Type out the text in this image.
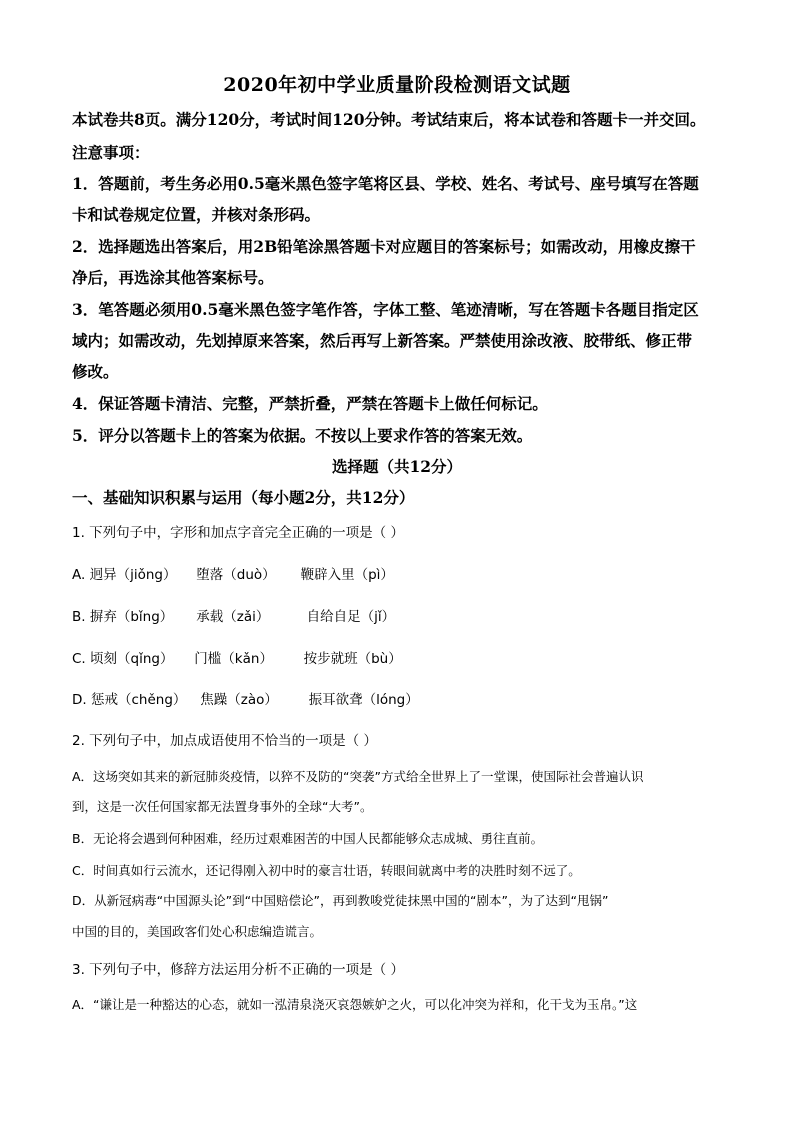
2020年初中学业质量阶段检测语文试题
本试卷共8页。满分120分，考试时间120分钟。考试结束后，将本试卷和答题卡一并交回。
注意事项：
1．答题前，考生务必用0.5毫米黑色签字笔将区县、学校、姓名、考试号、座号填写在答题
卡和试卷规定位置，并核对条形码。
2．选择题选出答案后，用2B铅笔涂黑答题卡对应题目的答案标号；如需改动，用橡皮擦干
净后，再选涂其他答案标号。
3．笔答题必须用0.5毫米黑色签字笔作答，字体工整、笔迹清晰，写在答题卡各题目指定区
域内；如需改动，先划掉原来答案，然后再写上新答案。严禁使用涂改液、胶带纸、修正带
修改。
4．保证答题卡清洁、完整，严禁折叠，严禁在答题卡上做任何标记。
5．评分以答题卡上的答案为依据。不按以上要求作答的答案无效。
选择题（共12分）
一、基础知识积累与运用（每小题2分，共12分）
1. 下列句子中，字形和加点字音完全正确的一项是（ ）
A. 迥异（jiǒng） 堕落（duò） 鞭辟入里（pì）
B. 摒弃（bǐng） 承载（zǎi）	自给自足（jǐ）
C. 顷刻（qǐng） 门槛（kǎn） 按步就班（bù）
D. 惩戒（chěng） 焦躁（zào） 振耳欲聋（lóng）
2. 下列句子中，加点成语使用不恰当的一项是（ ）
A．这场突如其来的新冠肺炎疫情，以猝不及防的“突袭”方式给全世界上了一堂课，使国际社会普遍认识
到，这是一次任何国家都无法置身事外的全球“大考”。
B．无论将会遇到何种困难，经历过艰难困苦的中国人民都能够众志成城、勇往直前。
C．时间真如行云流水，还记得刚入初中时的豪言壮语，转眼间就离中考的决胜时刻不远了。
D．从新冠病毒“中国源头论”到“中国赔偿论”，再到教唆党徒抹黑中国的“剧本”，为了达到“甩锅”
中国的目的，美国政客们处心积虑编造谎言。
3. 下列句子中，修辞方法运用分析不正确的一项是（ ）
A．“谦让是一种豁达的心态，就如一泓清泉浇灭哀怨嫉妒之火，可以化冲突为祥和，化干戈为玉帛。”这
